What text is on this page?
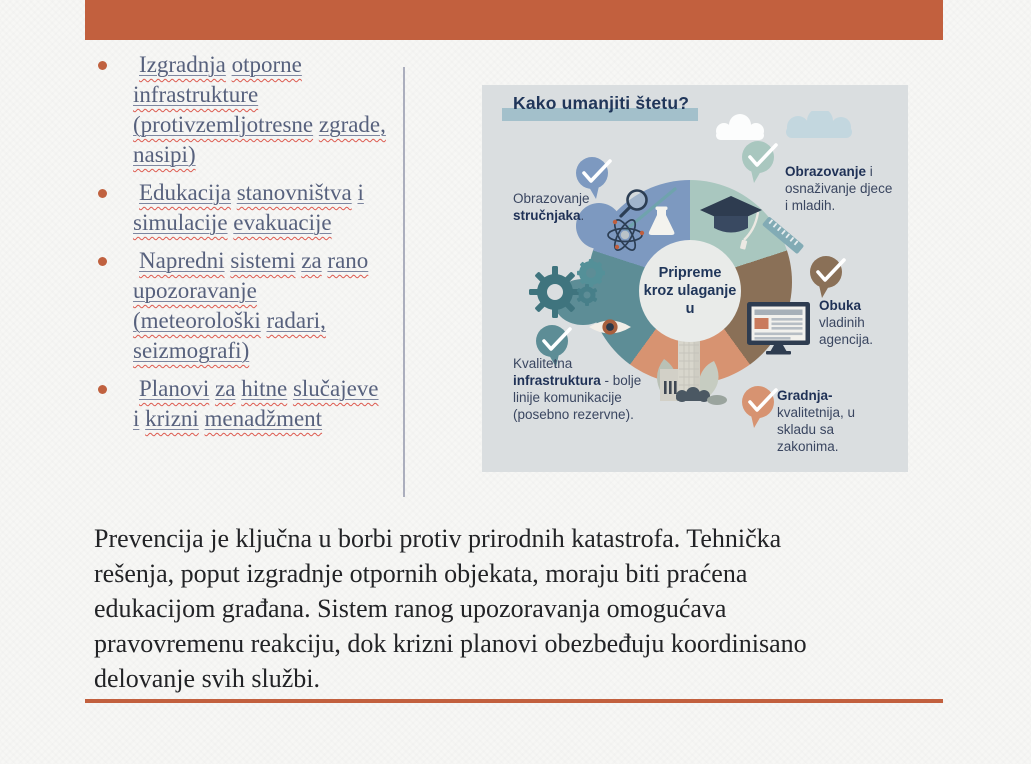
Izgradnja otporne infrastrukture (protivzemljotresne zgrade, nasipi)
Edukacija stanovništva i simulacije evakuacije
Napredni sistemi za rano upozoravanje (meteorološki radari, seizmografi)
Planovi za hitne slučajeve i krizni menadžment
Kako umanjiti štetu?
Pripreme kroz ulaganje u
Obrazovanje stručnjaka.
Obrazovanje i osnaživanje djece i mladih.
Obuka vladinih agencija.
Gradnja- kvalitetnija, u skladu sa zakonima.
Kvalitetna infrastruktura - bolje linije komunikacije (posebno rezervne).

Prevencija je ključna u borbi protiv prirodnih katastrofa. Tehnička rešenja, poput izgradnje otpornih objekata, moraju biti praćena edukacijom građana. Sistem ranog upozoravanja omogućava pravovremenu reakciju, dok krizni planovi obezbeđuju koordinisano delovanje svih službi.
